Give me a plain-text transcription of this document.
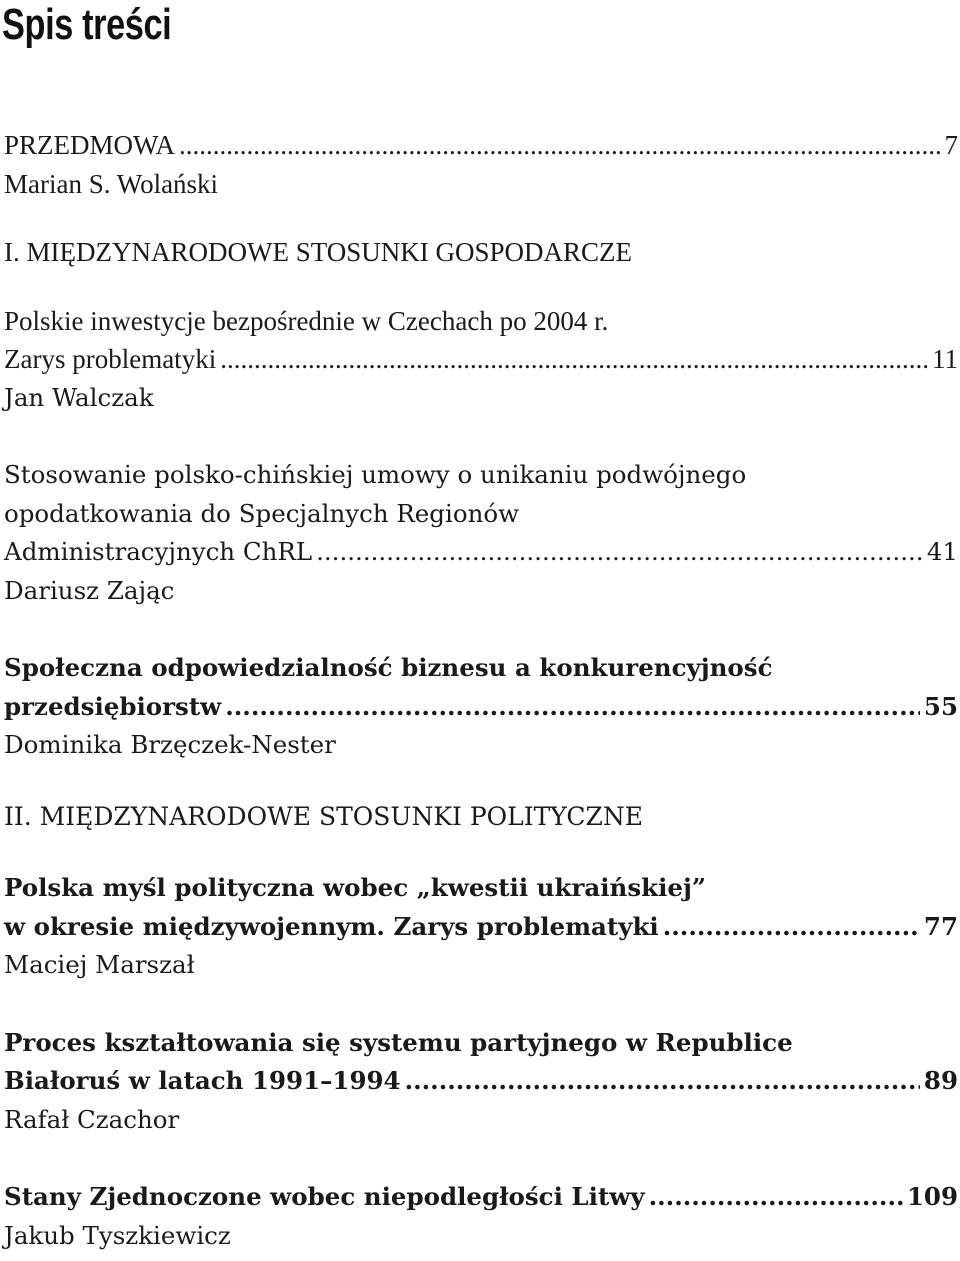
Spis treści
PRZEDMOWA .....	7
Marian S. Wolański
I. MIĘDZYNARODOWE STOSUNKI GOSPODARCZE
Polskie inwestycje bezpośrednie w Czechach po 2004 r.
Zarys problematyki .....	11
Jan Walczak
Stosowanie polsko-chińskiej umowy o unikaniu podwójnego
opodatkowania do Specjalnych Regionów
Administracyjnych ChRL .....	41
Dariusz Zając
Społeczna odpowiedzialność biznesu a konkurencyjność
przedsiębiorstw .....	55
Dominika Brzęczek-Nester
II. MIĘDZYNARODOWE STOSUNKI POLITYCZNE
Polska myśl polityczna wobec „kwestii ukraińskiej”
w okresie międzywojennym. Zarys problematyki .....	77
Maciej Marszał
Proces kształtowania się systemu partyjnego w Republice
Białoruś w latach 1991–1994 .....	89
Rafał Czachor
Stany Zjednoczone wobec niepodległości Litwy .....	109
Jakub Tyszkiewicz
